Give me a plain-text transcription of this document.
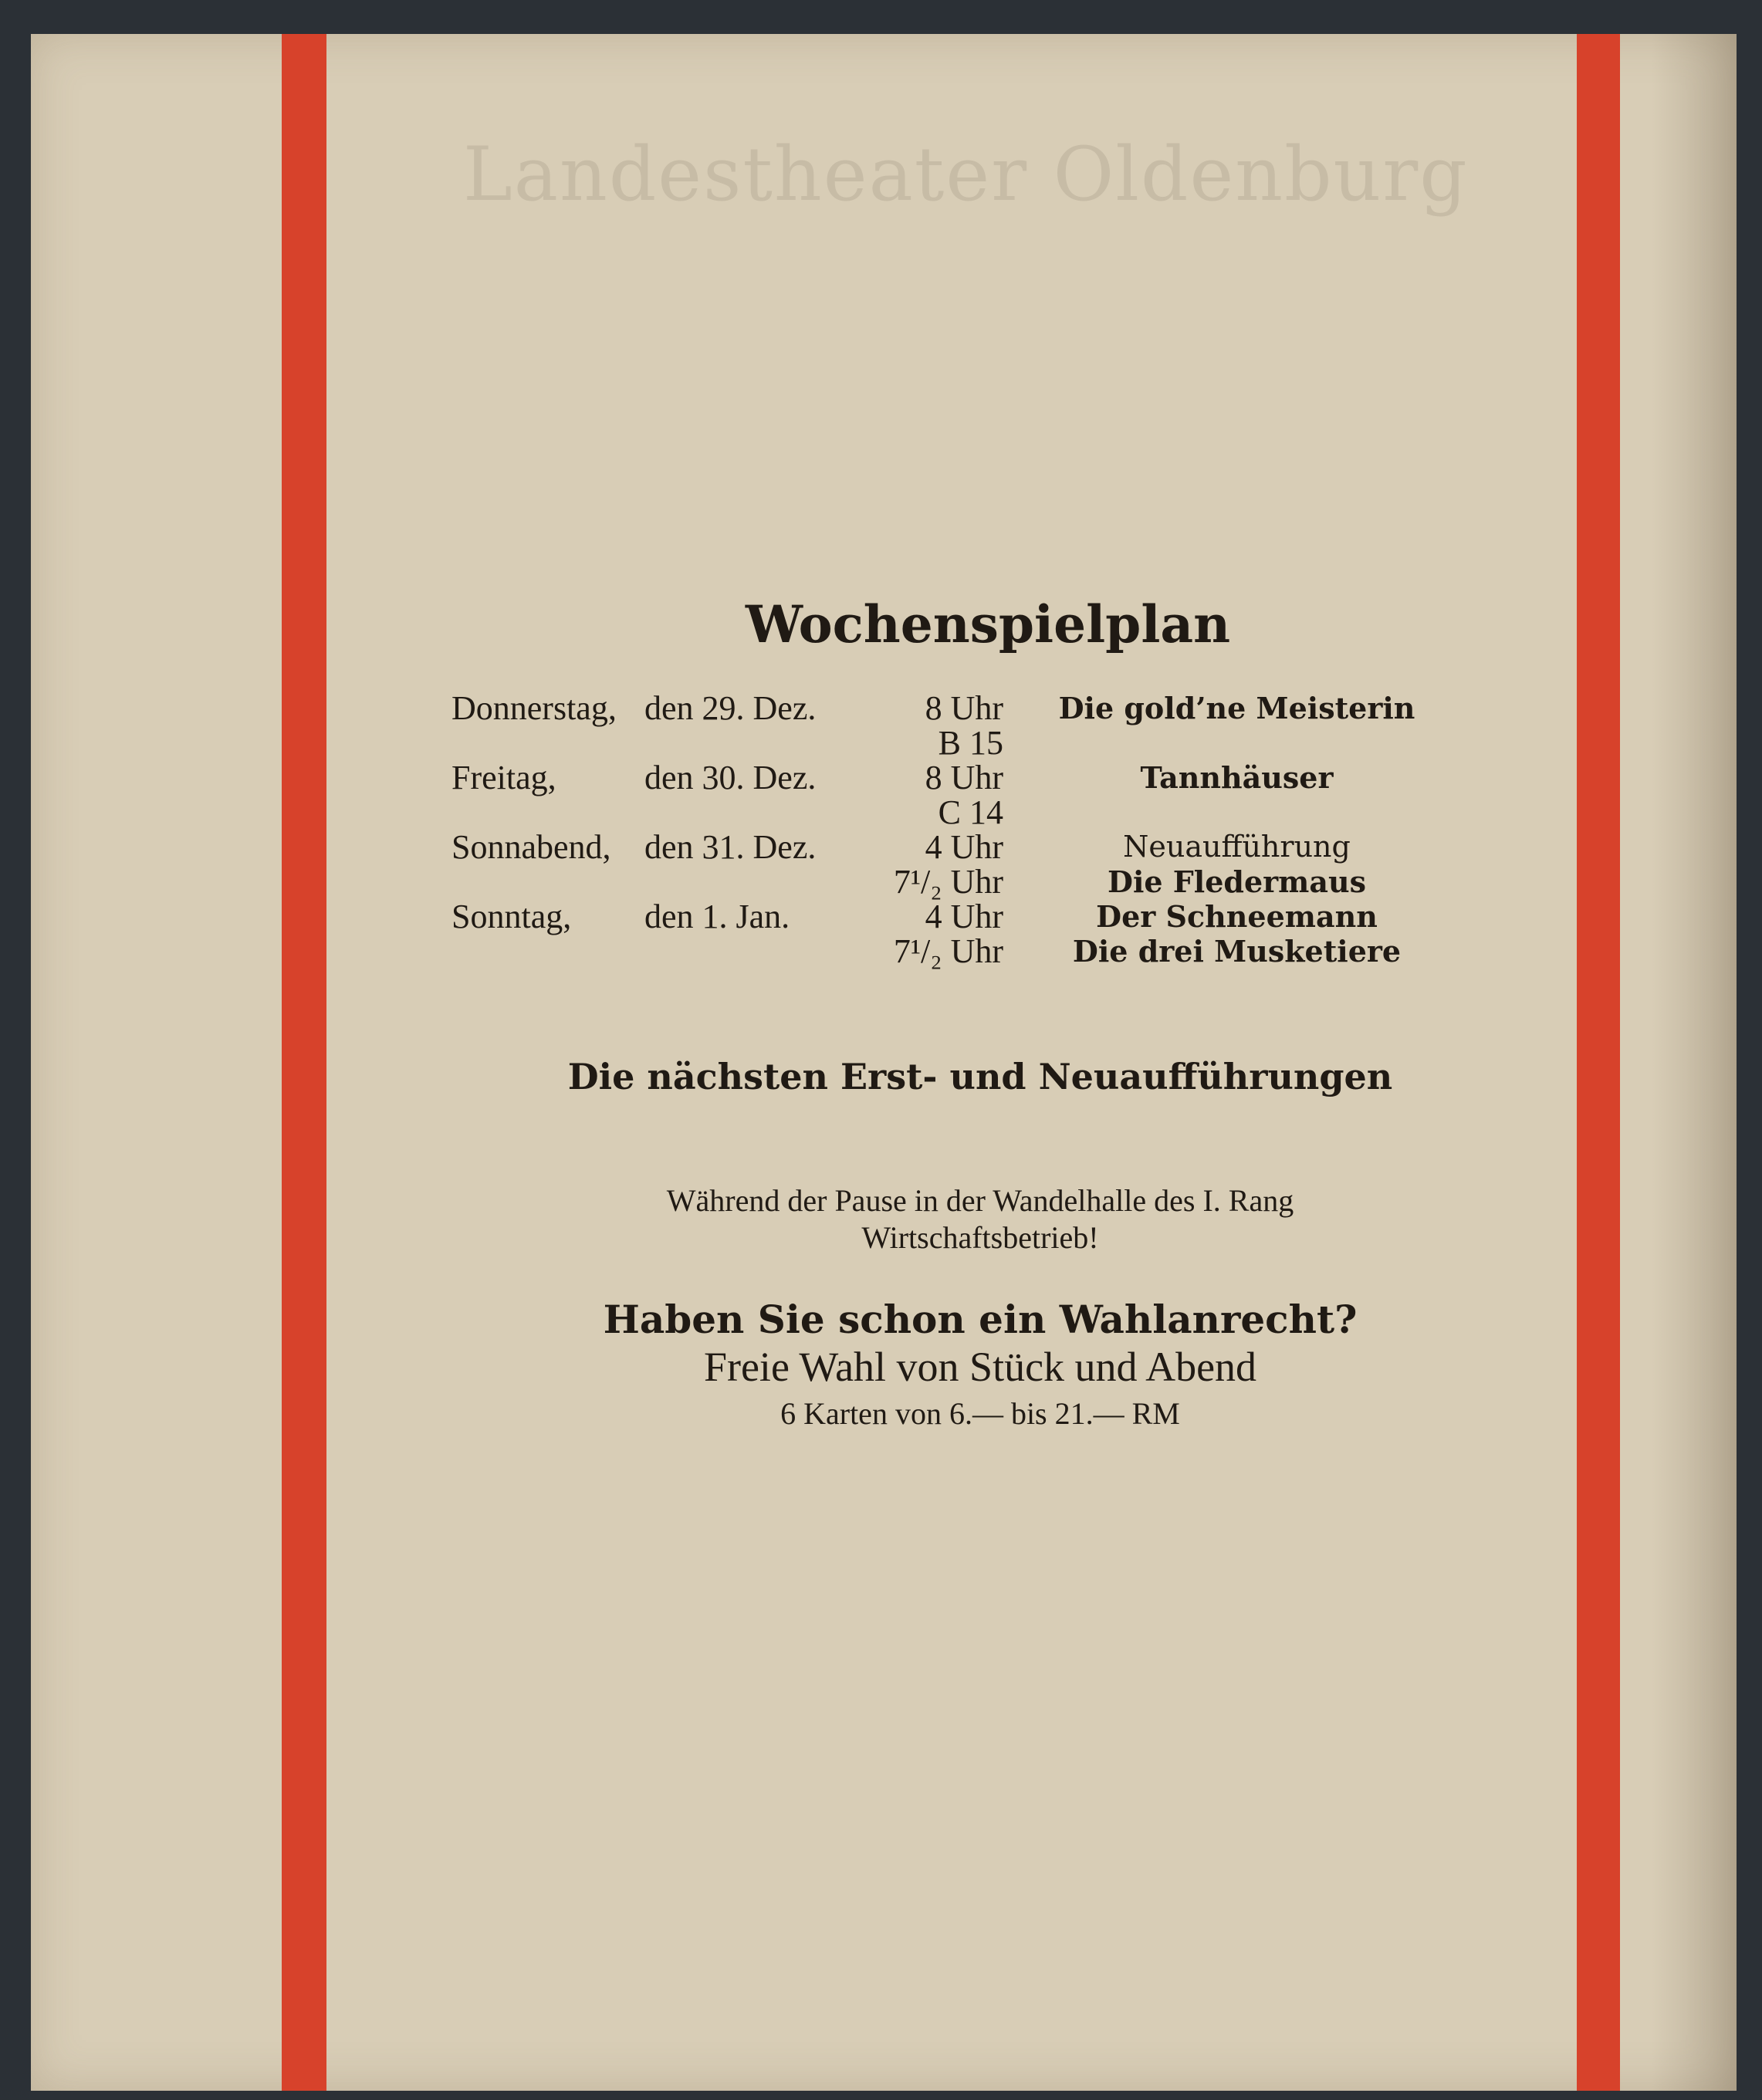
Landestheater Oldenburg
Wochenspielplan
Donnerstag, den 29. Dez.	8 Uhr	Die gold’ne Meisterin
B 15
Freitag,	den 30. Dez.	8 Uhr	Tannhäuser
C 14
Sonnabend, den 31. Dez.	4 Uhr	Neuaufführung
7¹/₂ Uhr	Die Fledermaus
Sonntag, den 1. Jan.	4 Uhr	Der Schneemann
7¹/₂ Uhr	Die drei Musketiere
Die nächsten Erst- und Neuaufführungen
Während der Pause in der Wandelhalle des I. Rang
Wirtschaftsbetrieb!
Haben Sie schon ein Wahlanrecht?
Freie Wahl von Stück und Abend
6 Karten von 6.— bis 21.— RM
